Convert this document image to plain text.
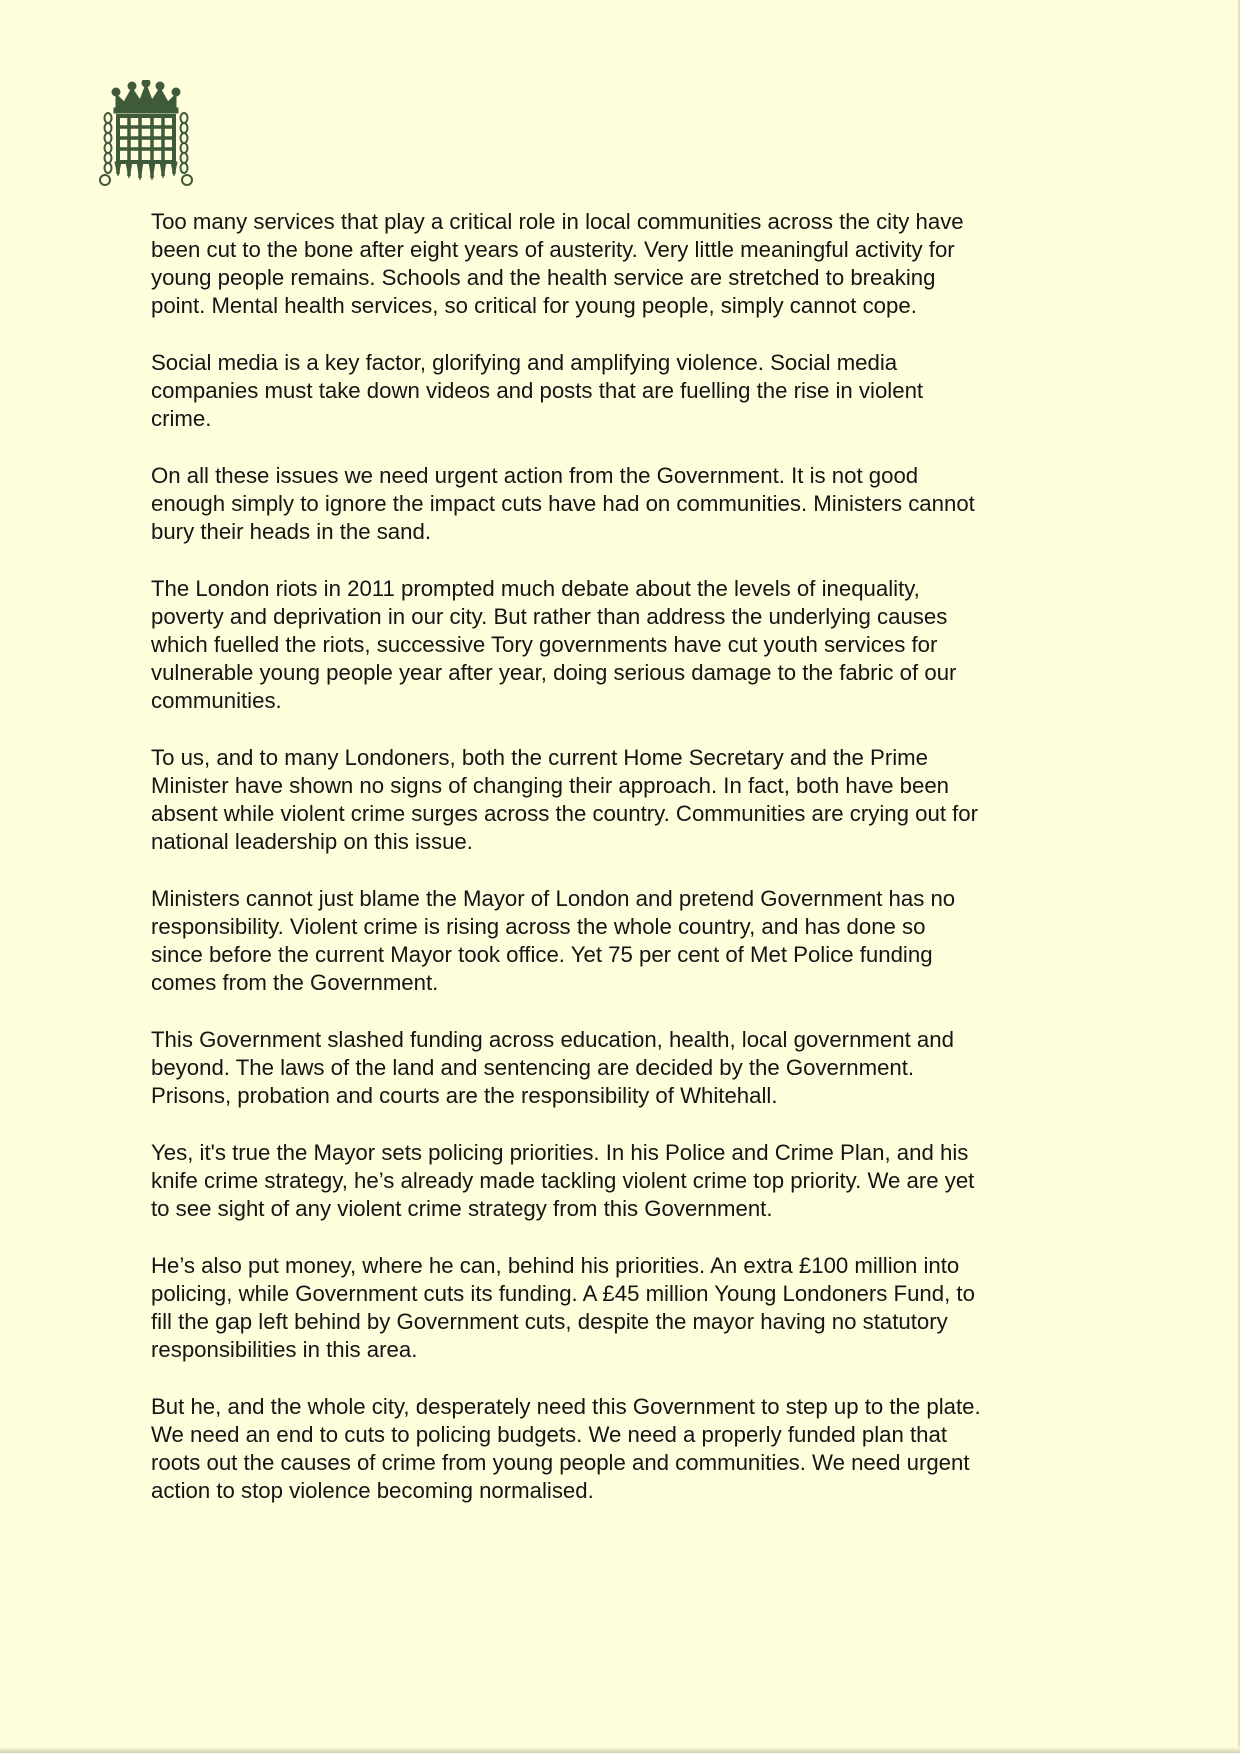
Too many services that play a critical role in local communities across the city have
been cut to the bone after eight years of austerity. Very little meaningful activity for
young people remains. Schools and the health service are stretched to breaking
point. Mental health services, so critical for young people, simply cannot cope.

Social media is a key factor, glorifying and amplifying violence. Social media
companies must take down videos and posts that are fuelling the rise in violent
crime.

On all these issues we need urgent action from the Government. It is not good
enough simply to ignore the impact cuts have had on communities. Ministers cannot
bury their heads in the sand.

The London riots in 2011 prompted much debate about the levels of inequality,
poverty and deprivation in our city. But rather than address the underlying causes
which fuelled the riots, successive Tory governments have cut youth services for
vulnerable young people year after year, doing serious damage to the fabric of our
communities.

To us, and to many Londoners, both the current Home Secretary and the Prime
Minister have shown no signs of changing their approach. In fact, both have been
absent while violent crime surges across the country. Communities are crying out for
national leadership on this issue.

Ministers cannot just blame the Mayor of London and pretend Government has no
responsibility. Violent crime is rising across the whole country, and has done so
since before the current Mayor took office. Yet 75 per cent of Met Police funding
comes from the Government.

This Government slashed funding across education, health, local government and
beyond. The laws of the land and sentencing are decided by the Government.
Prisons, probation and courts are the responsibility of Whitehall.

Yes, it's true the Mayor sets policing priorities. In his Police and Crime Plan, and his
knife crime strategy, he’s already made tackling violent crime top priority. We are yet
to see sight of any violent crime strategy from this Government.

He’s also put money, where he can, behind his priorities. An extra £100 million into
policing, while Government cuts its funding. A £45 million Young Londoners Fund, to
fill the gap left behind by Government cuts, despite the mayor having no statutory
responsibilities in this area.

But he, and the whole city, desperately need this Government to step up to the plate.
We need an end to cuts to policing budgets. We need a properly funded plan that
roots out the causes of crime from young people and communities. We need urgent
action to stop violence becoming normalised.
